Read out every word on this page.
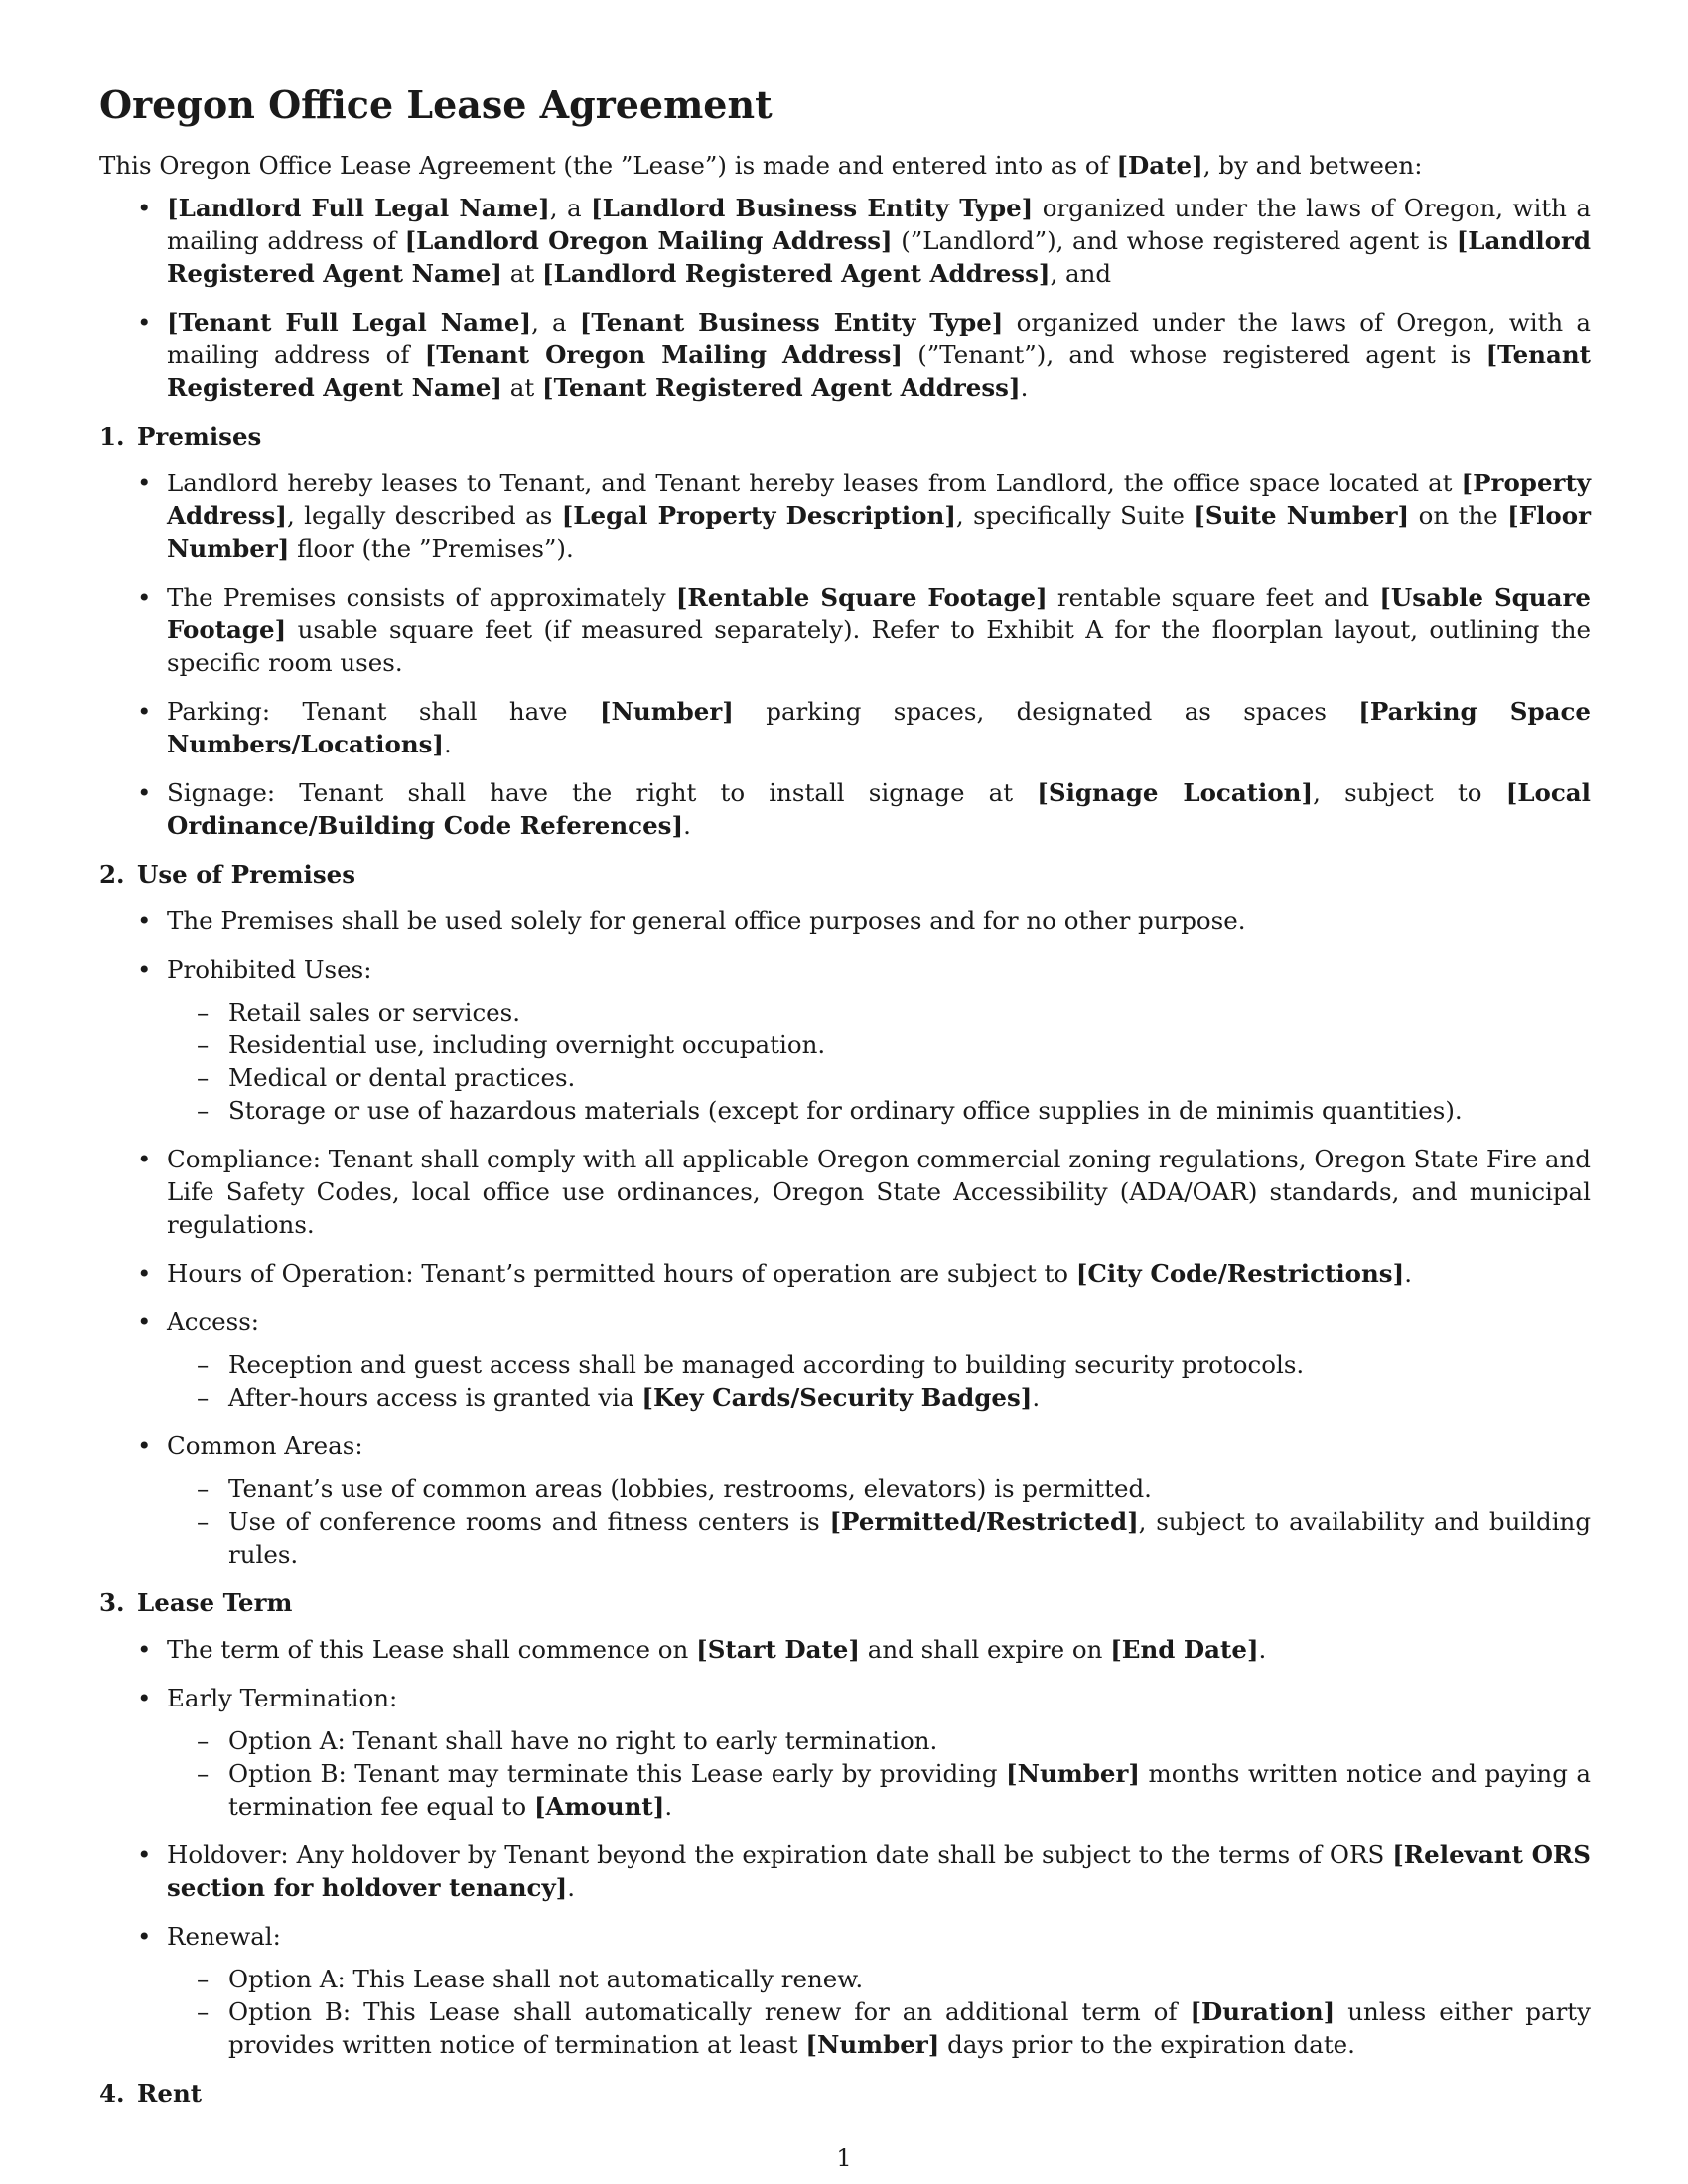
Oregon Office Lease Agreement

This Oregon Office Lease Agreement (the ”Lease”) is made and entered into as of [Date], by and between:

• [Landlord Full Legal Name], a [Landlord Business Entity Type] organized under the laws of Oregon, with a mailing address of [Landlord Oregon Mailing Address] (”Landlord”), and whose registered agent is [Landlord Registered Agent Name] at [Landlord Registered Agent Address], and
• [Tenant Full Legal Name], a [Tenant Business Entity Type] organized under the laws of Oregon, with a mailing address of [Tenant Oregon Mailing Address] (”Tenant”), and whose registered agent is [Tenant Registered Agent Name] at [Tenant Registered Agent Address].
1. Premises
• Landlord hereby leases to Tenant, and Tenant hereby leases from Landlord, the office space located at [Property Address], legally described as [Legal Property Description], specifically Suite [Suite Number] on the [Floor Number] floor (the ”Premises”).
• The Premises consists of approximately [Rentable Square Footage] rentable square feet and [Usable Square Footage] usable square feet (if measured separately). Refer to Exhibit A for the floorplan layout, outlining the specific room uses.
• Parking: Tenant shall have [Number] parking spaces, designated as spaces [Parking Space Numbers/Locations].
• Signage: Tenant shall have the right to install signage at [Signage Location], subject to [Local Ordinance/Building Code References].
2. Use of Premises
• The Premises shall be used solely for general office purposes and for no other purpose.
• Prohibited Uses:
– Retail sales or services.
– Residential use, including overnight occupation.
– Medical or dental practices.
– Storage or use of hazardous materials (except for ordinary office supplies in de minimis quantities).
• Compliance: Tenant shall comply with all applicable Oregon commercial zoning regulations, Oregon State Fire and Life Safety Codes, local office use ordinances, Oregon State Accessibility (ADA/OAR) standards, and municipal regulations.
• Hours of Operation: Tenant’s permitted hours of operation are subject to [City Code/Restrictions].
• Access:
– Reception and guest access shall be managed according to building security protocols.
– After-hours access is granted via [Key Cards/Security Badges].
• Common Areas:
– Tenant’s use of common areas (lobbies, restrooms, elevators) is permitted.
– Use of conference rooms and fitness centers is [Permitted/Restricted], subject to availability and building rules.
3. Lease Term
• The term of this Lease shall commence on [Start Date] and shall expire on [End Date].
• Early Termination:
– Option A: Tenant shall have no right to early termination.
– Option B: Tenant may terminate this Lease early by providing [Number] months written notice and paying a termination fee equal to [Amount].
• Holdover: Any holdover by Tenant beyond the expiration date shall be subject to the terms of ORS [Relevant ORS section for holdover tenancy].
• Renewal:
– Option A: This Lease shall not automatically renew.
– Option B: This Lease shall automatically renew for an additional term of [Duration] unless either party provides written notice of termination at least [Number] days prior to the expiration date.
4. Rent
1
